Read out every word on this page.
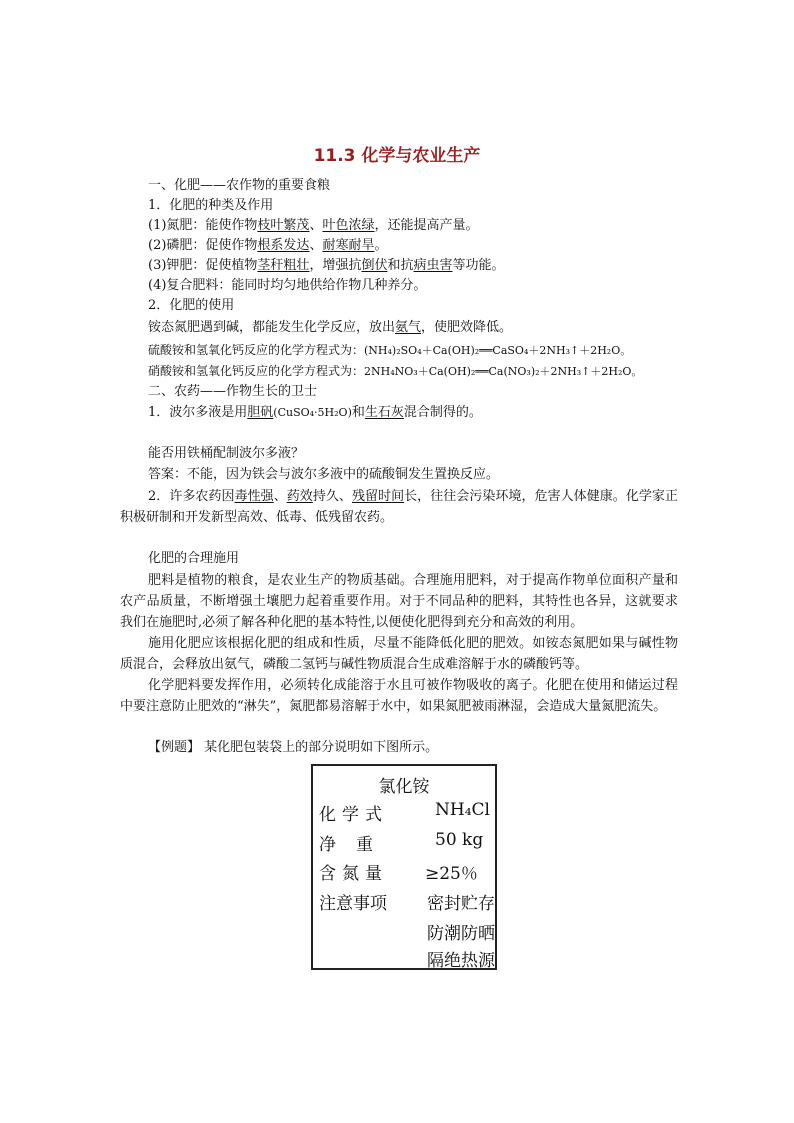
11.3 化学与农业生产
一、化肥——农作物的重要食粮
1．化肥的种类及作用
(1)氮肥：能使作物枝叶繁茂、叶色浓绿，还能提高产量。
(2)磷肥：促使作物根系发达、耐寒耐旱。
(3)钾肥：促使植物茎秆粗壮，增强抗倒伏和抗病虫害等功能。
(4)复合肥料：能同时均匀地供给作物几种养分。
2．化肥的使用
铵态氮肥遇到碱，都能发生化学反应，放出氨气，使肥效降低。
硫酸铵和氢氧化钙反应的化学方程式为：(NH₄)₂SO₄＋Ca(OH)₂══CaSO₄＋2NH₃↑＋2H₂O。
硝酸铵和氢氧化钙反应的化学方程式为：2NH₄NO₃＋Ca(OH)₂══Ca(NO₃)₂＋2NH₃↑＋2H₂O。
二、农药——作物生长的卫士
1．波尔多液是用胆矾(CuSO₄·5H₂O)和生石灰混合制得的。
能否用铁桶配制波尔多液？
答案：不能，因为铁会与波尔多液中的硫酸铜发生置换反应。
2．许多农药因毒性强、药效持久、残留时间长，往往会污染环境，危害人体健康。化学家正积极研制和开发新型高效、低毒、低残留农药。
化肥的合理施用
肥料是植物的粮食，是农业生产的物质基础。合理施用肥料，对于提高作物单位面积产量和农产品质量，不断增强土壤肥力起着重要作用。对于不同品种的肥料，其特性也各异，这就要求我们在施肥时,必须了解各种化肥的基本特性,以便使化肥得到充分和高效的利用。
施用化肥应该根据化肥的组成和性质，尽量不能降低化肥的肥效。如铵态氮肥如果与碱性物质混合，会释放出氨气，磷酸二氢钙与碱性物质混合生成难溶解于水的磷酸钙等。
化学肥料要发挥作用，必须转化成能溶于水且可被作物吸收的离子。化肥在使用和储运过程中要注意防止肥效的“淋失”，氮肥都易溶解于水中，如果氮肥被雨淋湿，会造成大量氮肥流失。
【例题】 某化肥包装袋上的部分说明如下图所示。
氯化铵
化学式	NH₄Cl
净重 50 kg
含氮量 ≥25％
注意事项 密封贮存
防潮防晒
隔绝热源
